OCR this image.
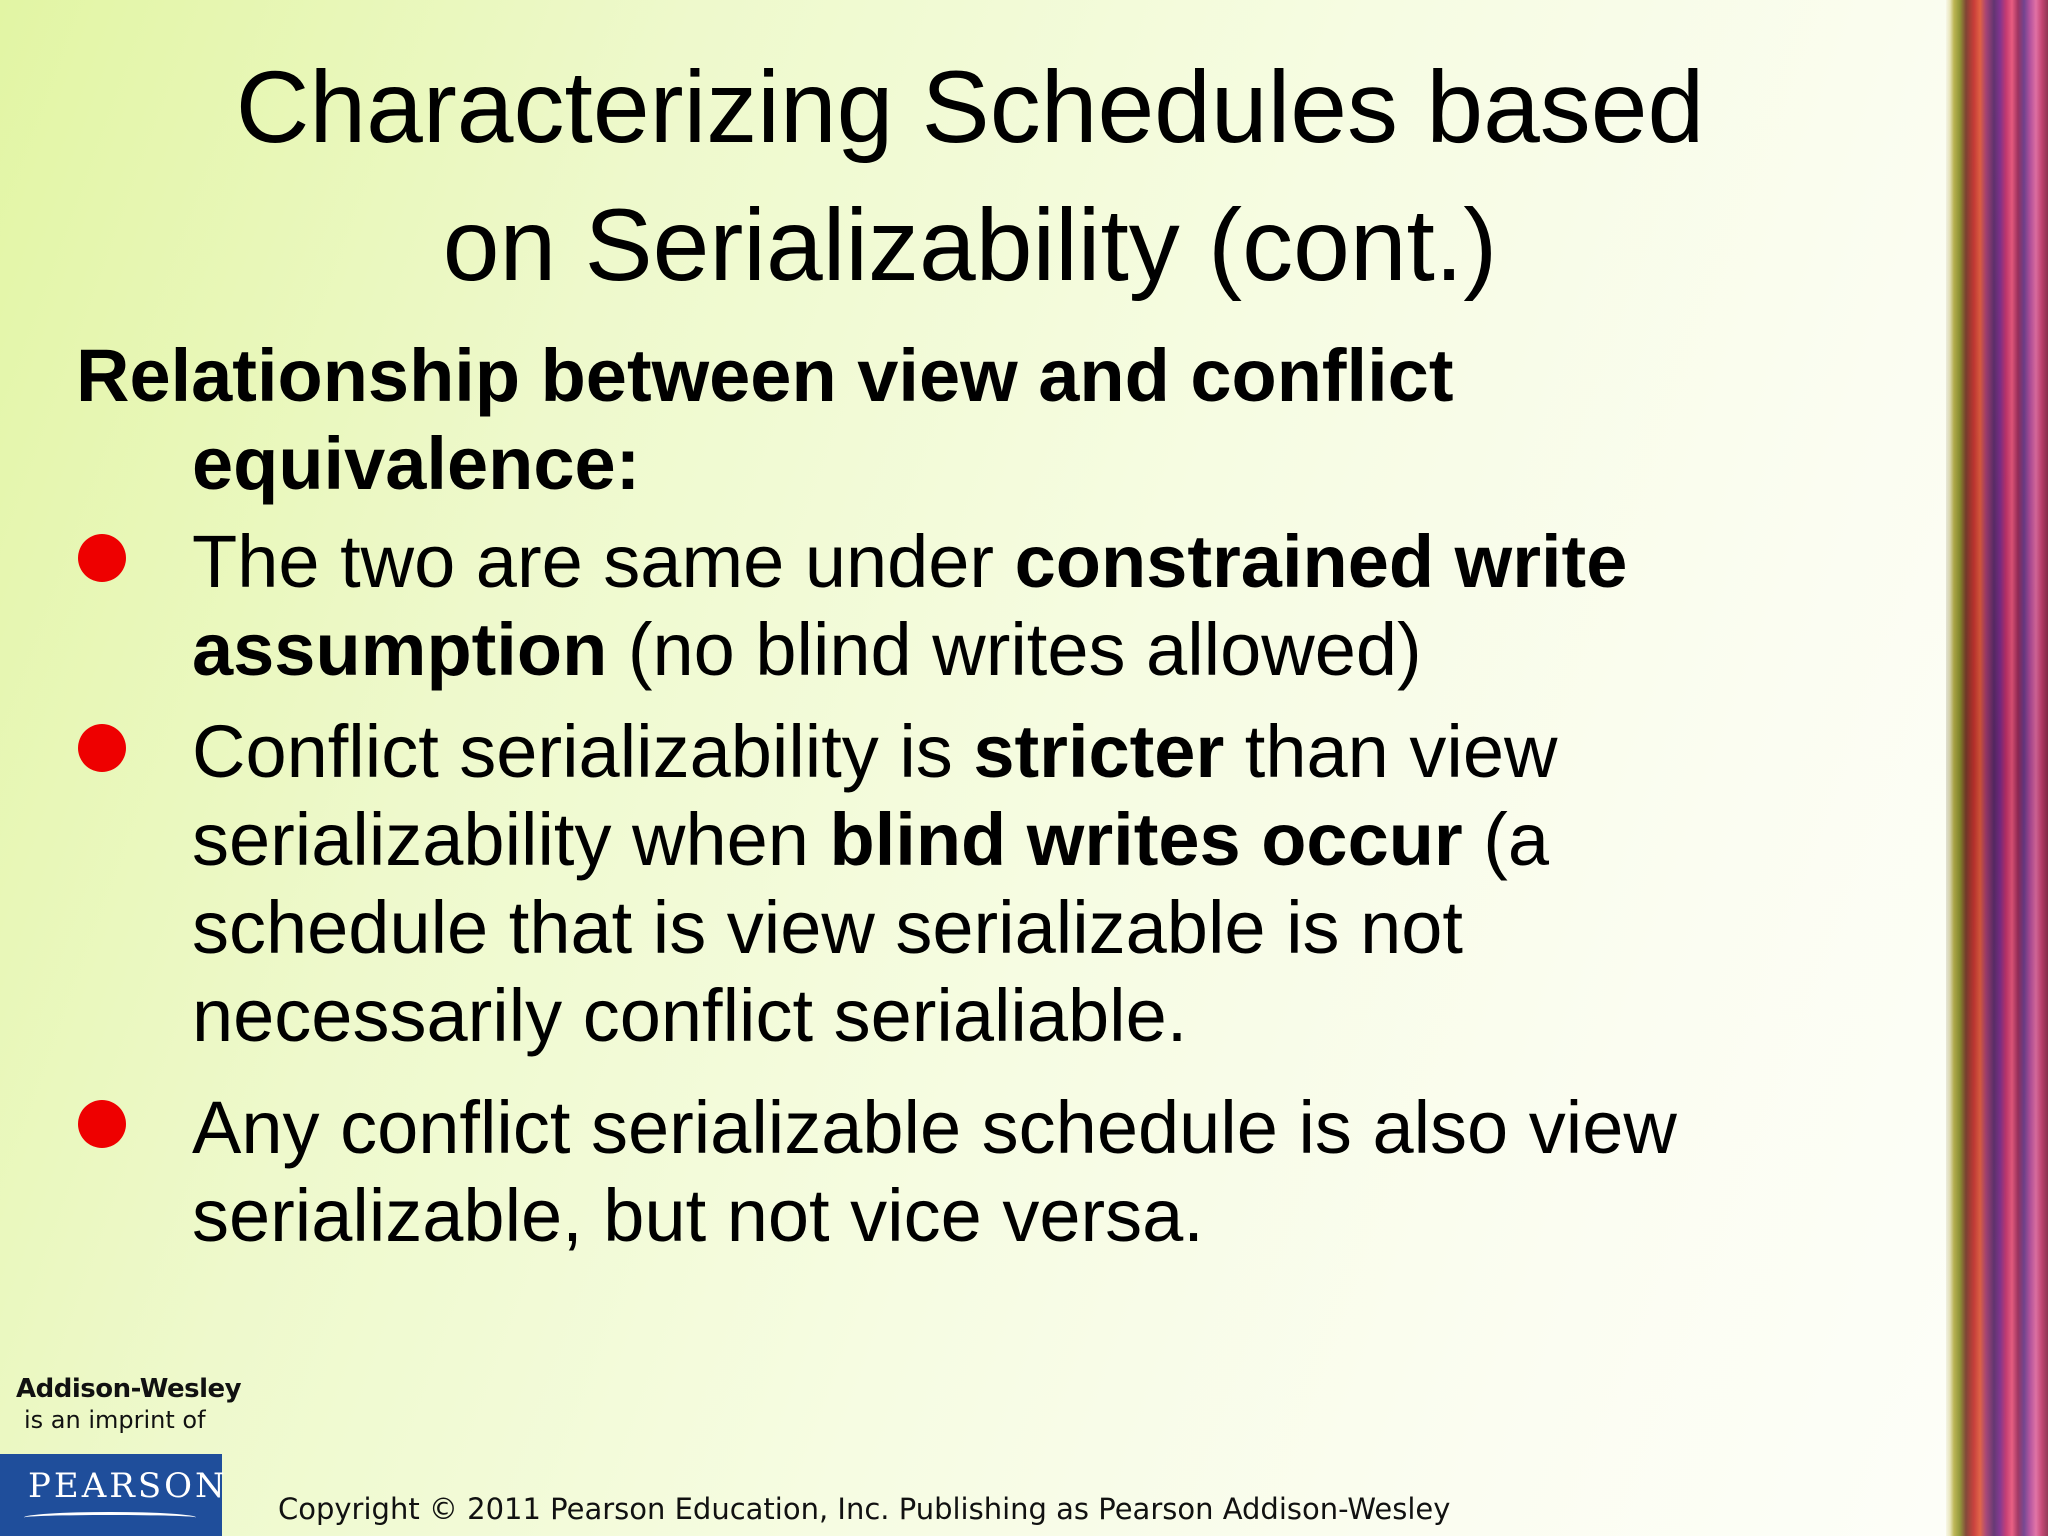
Characterizing Schedules based
on Serializability (cont.)

Relationship between view and conflict equivalence:

The two are same under constrained write assumption (no blind writes allowed)
Conflict serializability is stricter than view serializability when blind writes occur (a schedule that is view serializable is not necessarily conflict serialiable.
Any conflict serializable schedule is also view serializable, but not vice versa.
Addison-Wesley
is an imprint of
PEARSON
Copyright © 2011 Pearson Education, Inc. Publishing as Pearson Addison-Wesley
